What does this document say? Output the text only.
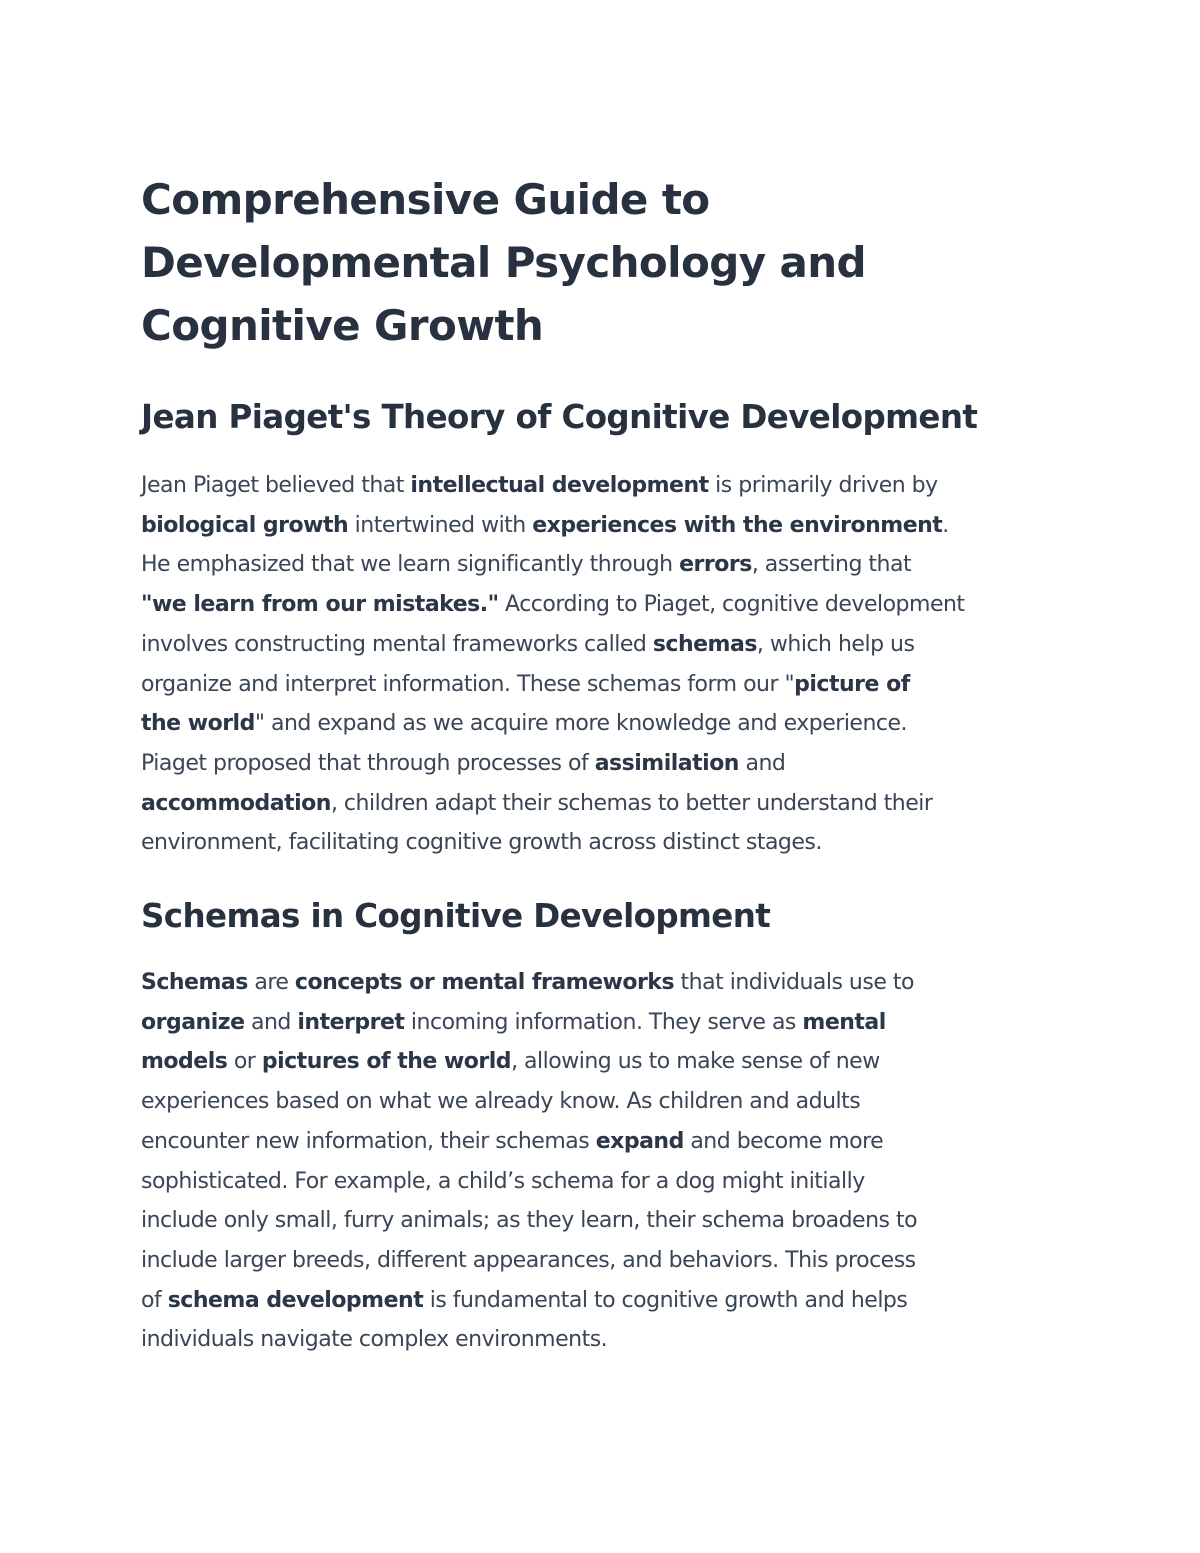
Comprehensive Guide to Developmental Psychology and Cognitive Growth
Jean Piaget's Theory of Cognitive Development

Jean Piaget believed that intellectual development is primarily driven by
biological growth intertwined with experiences with the environment.
He emphasized that we learn significantly through errors, asserting that
"we learn from our mistakes." According to Piaget, cognitive development
involves constructing mental frameworks called schemas, which help us
organize and interpret information. These schemas form our "picture of
the world" and expand as we acquire more knowledge and experience.
Piaget proposed that through processes of assimilation and
accommodation, children adapt their schemas to better understand their
environment, facilitating cognitive growth across distinct stages.

Schemas in Cognitive Development

Schemas are concepts or mental frameworks that individuals use to
organize and interpret incoming information. They serve as mental
models or pictures of the world, allowing us to make sense of new
experiences based on what we already know. As children and adults
encounter new information, their schemas expand and become more
sophisticated. For example, a child’s schema for a dog might initially
include only small, furry animals; as they learn, their schema broadens to
include larger breeds, different appearances, and behaviors. This process
of schema development is fundamental to cognitive growth and helps
individuals navigate complex environments.
